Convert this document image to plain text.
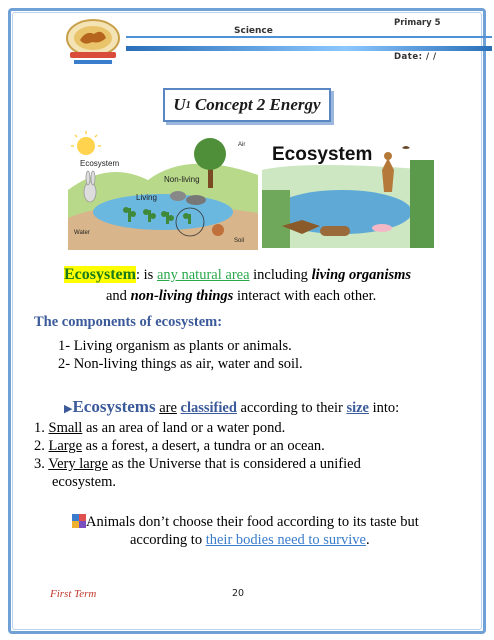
Science
Primary 5
Date: / /
U 1
Concept 2 Energy
Ecosystem
Non-living
Living
Water
Soil
Air Ecosystem
Ecosystem: is any natural area including living organisms
and non-living things interact with each other.
The components of ecosystem:
1- Living organism as plants or animals.
2- Non-living things as air, water and soil.
▶Ecosystems are classified according to their size into:
1. Small as an area of land or a water pond.
2. Large as a forest, a desert, a tundra or an ocean.
3. Very large as the Universe that is considered a unified
ecosystem.
Animals don’t choose their food according to its taste but
according to their bodies need to survive.
First Term	20
